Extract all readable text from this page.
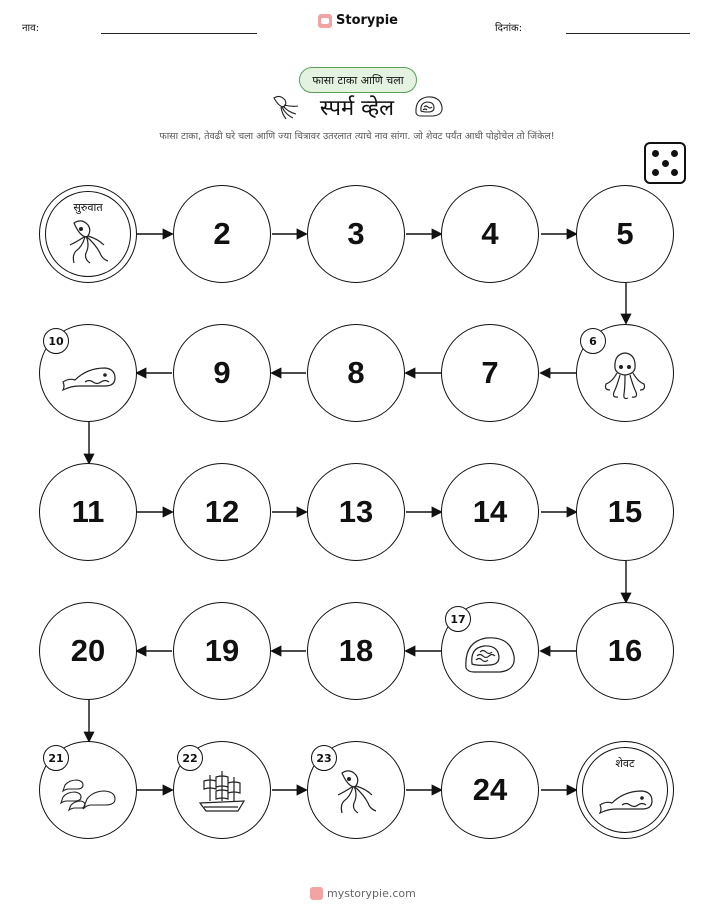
नाव:
Storypie
दिनांक:
फासा टाका आणि चला
स्पर्म व्हेल
फासा टाका, तेवढी घरे चला आणि ज्या चित्रावर उतरलात त्याचे नाव सांगा. जो शेवट पर्यंत आधी पोहोचेल तो जिंकेल!
सुरुवात
2	3	4	5
6
7
8
9
10
11	12	13	14	15
16
17
18
19
20
21	22	23
24
शेवट
mystorypie.com
